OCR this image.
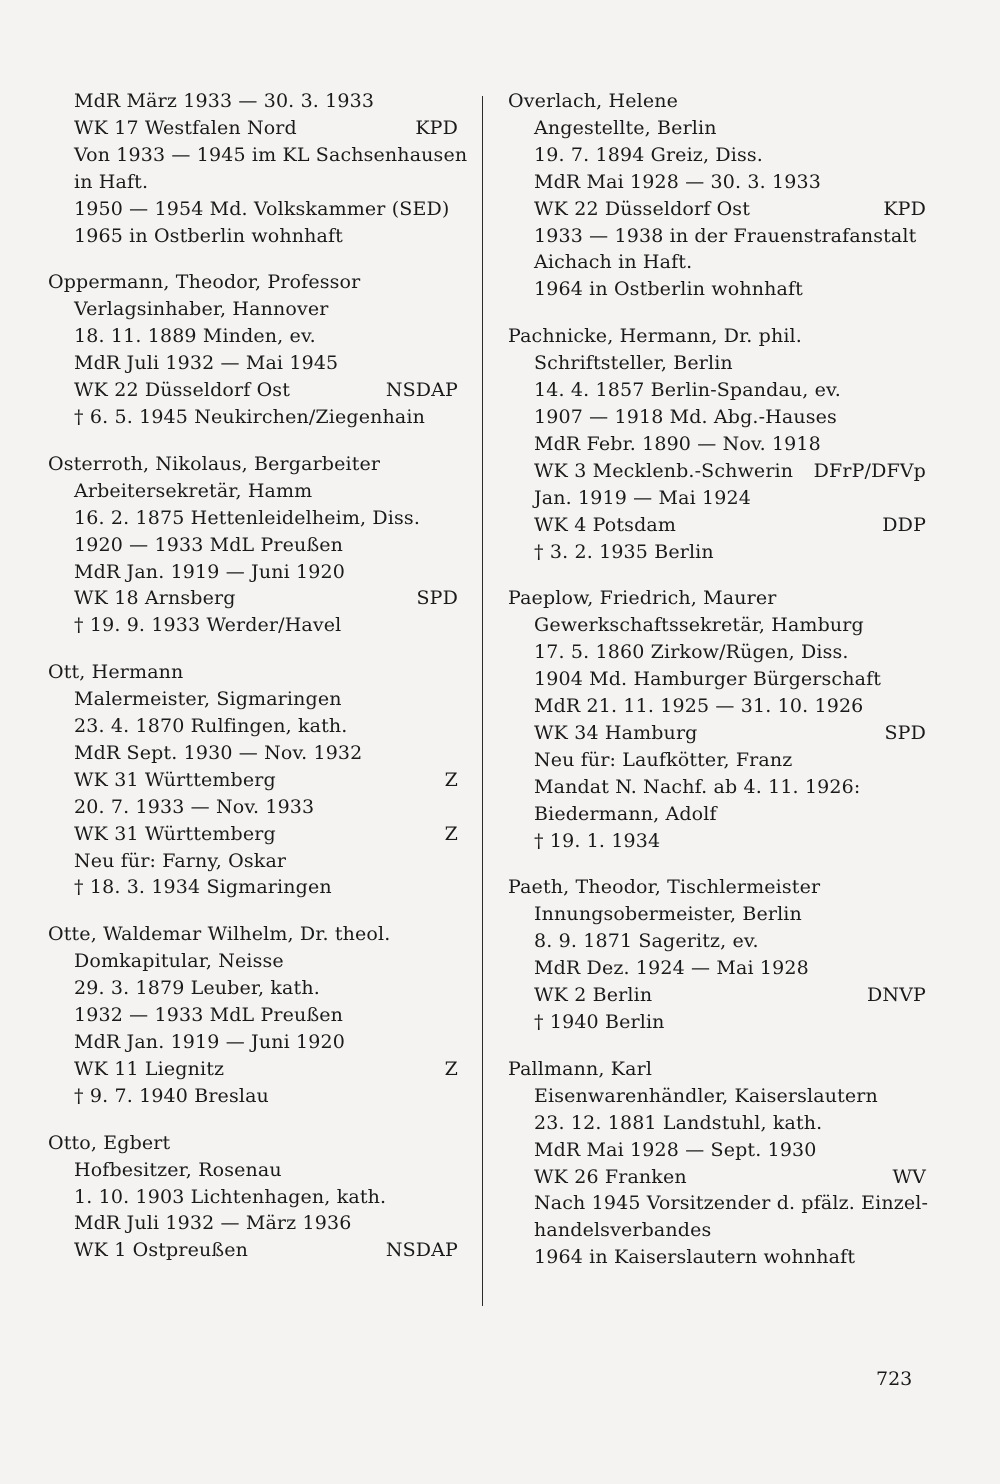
MdR März 1933 — 30. 3. 1933
WK 17 Westfalen Nord	KPD
Von 1933 — 1945 im KL Sachsenhausen
in Haft.
1950 — 1954 Md. Volkskammer (SED)
1965 in Ostberlin wohnhaft
Oppermann, Theodor, Professor
Verlagsinhaber, Hannover
18. 11. 1889 Minden, ev.
MdR Juli 1932 — Mai 1945
WK 22 Düsseldorf Ost	NSDAP
† 6. 5. 1945 Neukirchen/Ziegenhain
Osterroth, Nikolaus, Bergarbeiter
Arbeitersekretär, Hamm
16. 2. 1875 Hettenleidelheim, Diss.
1920 — 1933 MdL Preußen
MdR Jan. 1919 — Juni 1920
WK 18 Arnsberg	SPD
† 19. 9. 1933 Werder/Havel
Ott, Hermann
Malermeister, Sigmaringen
23. 4. 1870 Rulfingen, kath.
MdR Sept. 1930 — Nov. 1932
WK 31 Württemberg	Z
20. 7. 1933 — Nov. 1933
WK 31 Württemberg	Z
Neu für: Farny, Oskar
† 18. 3. 1934 Sigmaringen
Otte, Waldemar Wilhelm, Dr. theol.
Domkapitular, Neisse
29. 3. 1879 Leuber, kath.
1932 — 1933 MdL Preußen
MdR Jan. 1919 — Juni 1920
WK 11 Liegnitz	Z
† 9. 7. 1940 Breslau
Otto, Egbert
Hofbesitzer, Rosenau
1. 10. 1903 Lichtenhagen, kath.
MdR Juli 1932 — März 1936
WK 1 Ostpreußen	NSDAP
Overlach, Helene
Angestellte, Berlin
19. 7. 1894 Greiz, Diss.
MdR Mai 1928 — 30. 3. 1933
WK 22 Düsseldorf Ost	KPD
1933 — 1938 in der Frauenstrafanstalt
Aichach in Haft.
1964 in Ostberlin wohnhaft
Pachnicke, Hermann, Dr. phil.
Schriftsteller, Berlin
14. 4. 1857 Berlin-Spandau, ev.
1907 — 1918 Md. Abg.-Hauses
MdR Febr. 1890 — Nov. 1918
WK 3 Mecklenb.-Schwerin	DFrP/DFVp
Jan. 1919 — Mai 1924
WK 4 Potsdam	DDP
† 3. 2. 1935 Berlin
Paeplow, Friedrich, Maurer
Gewerkschaftssekretär, Hamburg
17. 5. 1860 Zirkow/Rügen, Diss.
1904 Md. Hamburger Bürgerschaft
MdR 21. 11. 1925 — 31. 10. 1926
WK 34 Hamburg	SPD
Neu für: Laufkötter, Franz
Mandat N. Nachf. ab 4. 11. 1926:
Biedermann, Adolf
† 19. 1. 1934
Paeth, Theodor, Tischlermeister
Innungsobermeister, Berlin
8. 9. 1871 Sageritz, ev.
MdR Dez. 1924 — Mai 1928
WK 2 Berlin	DNVP
† 1940 Berlin
Pallmann, Karl
Eisenwarenhändler, Kaiserslautern
23. 12. 1881 Landstuhl, kath.
MdR Mai 1928 — Sept. 1930
WK 26 Franken	WV
Nach 1945 Vorsitzender d. pfälz. Einzel-
handelsverbandes
1964 in Kaiserslautern wohnhaft
723
